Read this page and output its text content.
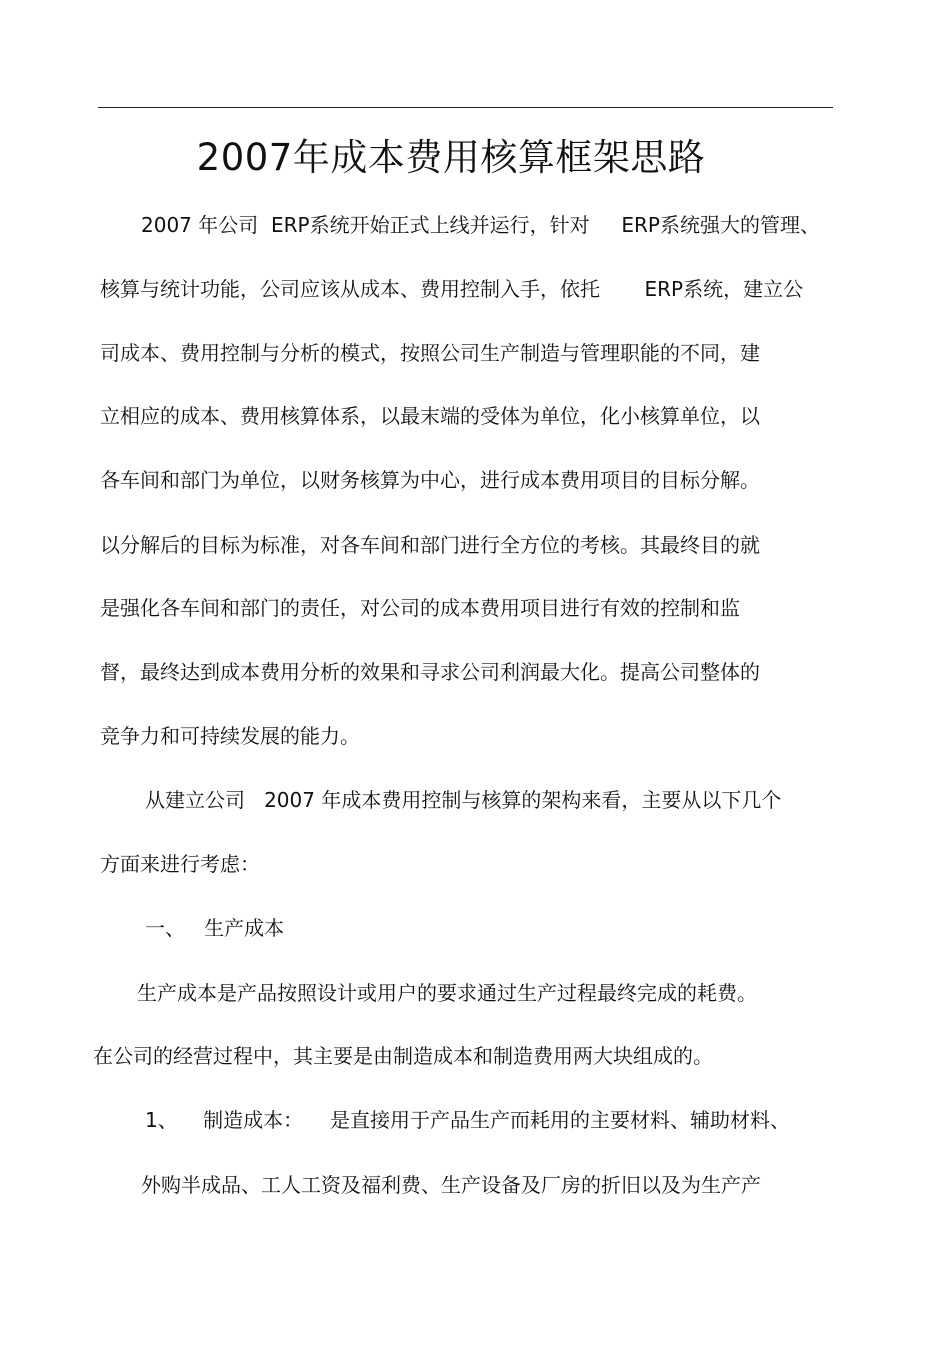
2007年成本费用核算框架思路
2007 年公司  ERP系统开始正式上线并运行，针对     ERP系统强大的管理、
核算与统计功能，公司应该从成本、费用控制入手，依托       ERP系统，建立公
司成本、费用控制与分析的模式，按照公司生产制造与管理职能的不同，建
立相应的成本、费用核算体系，以最末端的受体为单位，化小核算单位，以
各车间和部门为单位，以财务核算为中心，进行成本费用项目的目标分解。
以分解后的目标为标准，对各车间和部门进行全方位的考核。其最终目的就
是强化各车间和部门的责任，对公司的成本费用项目进行有效的控制和监
督，最终达到成本费用分析的效果和寻求公司利润最大化。提高公司整体的
竞争力和可持续发展的能力。
从建立公司   2007 年成本费用控制与核算的架构来看，主要从以下几个
方面来进行考虑：
一、   生产成本
生产成本是产品按照设计或用户的要求通过生产过程最终完成的耗费。
在公司的经营过程中，其主要是由制造成本和制造费用两大块组成的。
1、    制造成本： 是直接用于产品生产而耗用的主要材料、辅助材料、
外购半成品、工人工资及福利费、生产设备及厂房的折旧以及为生产产
